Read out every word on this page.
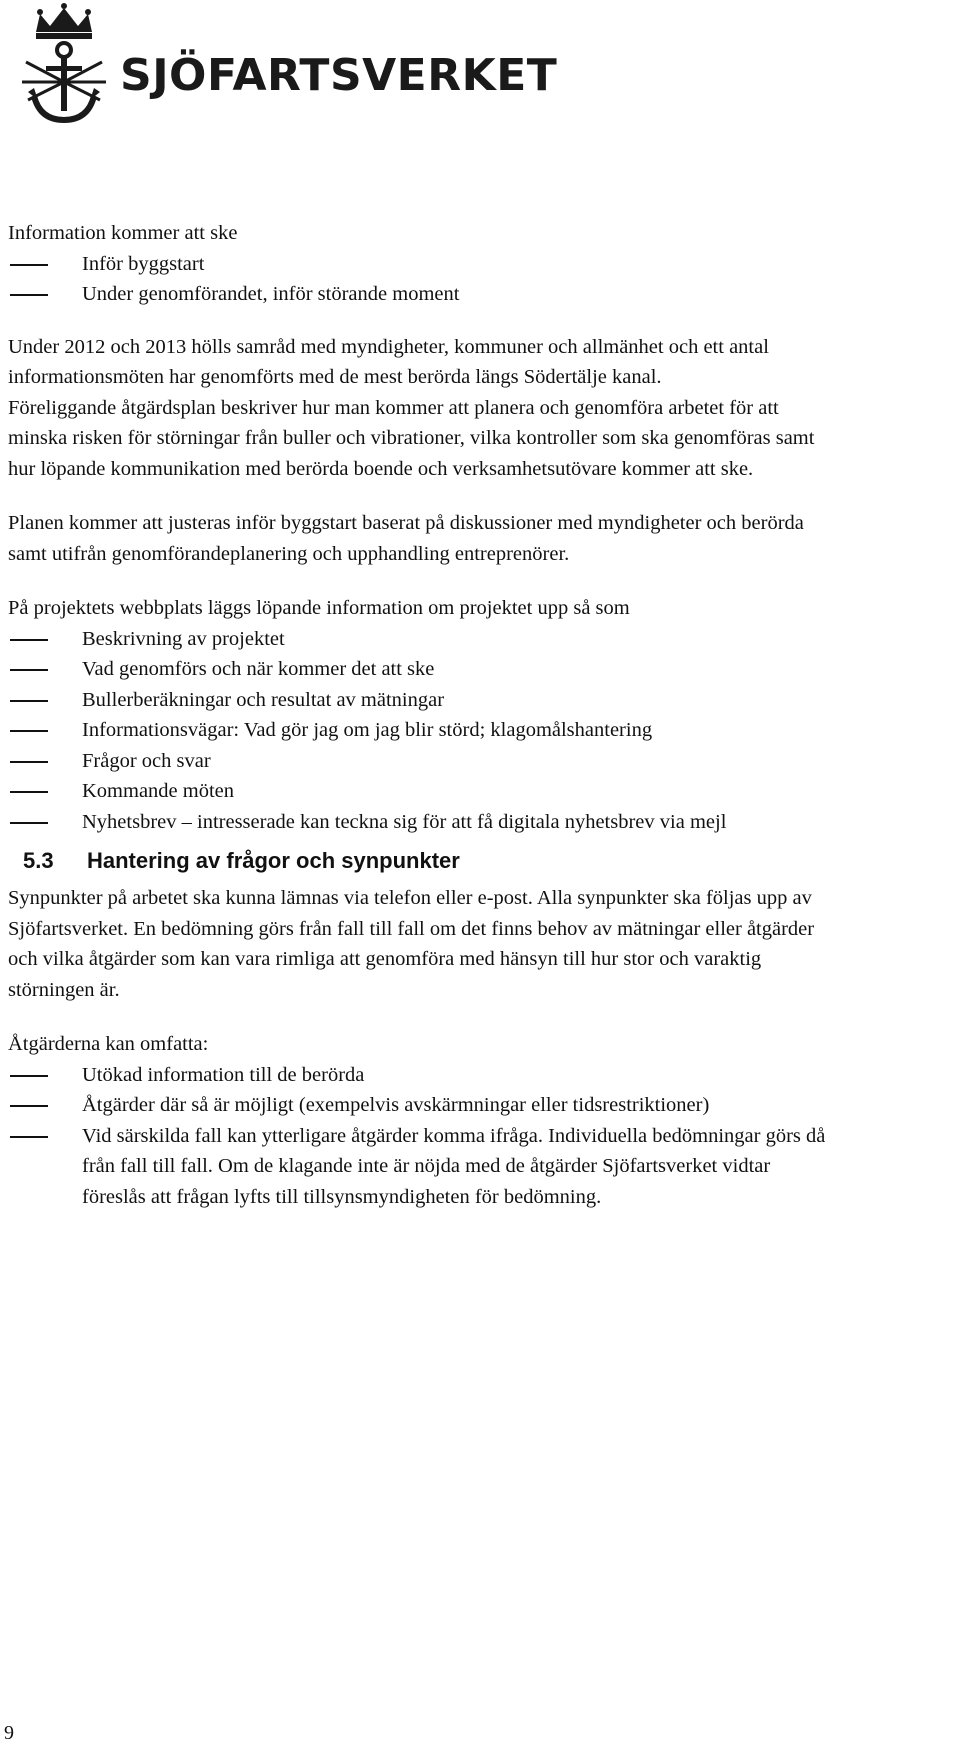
SJÖFARTSVERKET

Information kommer att ske

Inför byggstart
Under genomförandet, inför störande moment
Under 2012 och 2013 hölls samråd med myndigheter, kommuner och allmänhet och ett antal
informationsmöten har genomförts med de mest berörda längs Södertälje kanal.
Föreliggande åtgärdsplan beskriver hur man kommer att planera och genomföra arbetet för att
minska risken för störningar från buller och vibrationer, vilka kontroller som ska genomföras samt
hur löpande kommunikation med berörda boende och verksamhetsutövare kommer att ske.
Planen kommer att justeras inför byggstart baserat på diskussioner med myndigheter och berörda
samt utifrån genomförandeplanering och upphandling entreprenörer.

På projektets webbplats läggs löpande information om projektet upp så som

Beskrivning av projektet
Vad genomförs och när kommer det att ske
Bullerberäkningar och resultat av mätningar
Informationsvägar: Vad gör jag om jag blir störd; klagomålshantering
Frågor och svar
Kommande möten
Nyhetsbrev – intresserade kan teckna sig för att få digitala nyhetsbrev via mejl
5.3 Hantering av frågor och synpunkter
Synpunkter på arbetet ska kunna lämnas via telefon eller e-post. Alla synpunkter ska följas upp av
Sjöfartsverket. En bedömning görs från fall till fall om det finns behov av mätningar eller åtgärder
och vilka åtgärder som kan vara rimliga att genomföra med hänsyn till hur stor och varaktig
störningen är.

Åtgärderna kan omfatta:

Utökad information till de berörda
Åtgärder där så är möjligt (exempelvis avskärmningar eller tidsrestriktioner)
Vid särskilda fall kan ytterligare åtgärder komma ifråga. Individuella bedömningar görs då
från fall till fall. Om de klagande inte är nöjda med de åtgärder Sjöfartsverket vidtar
föreslås att frågan lyfts till tillsynsmyndigheten för bedömning.
9
